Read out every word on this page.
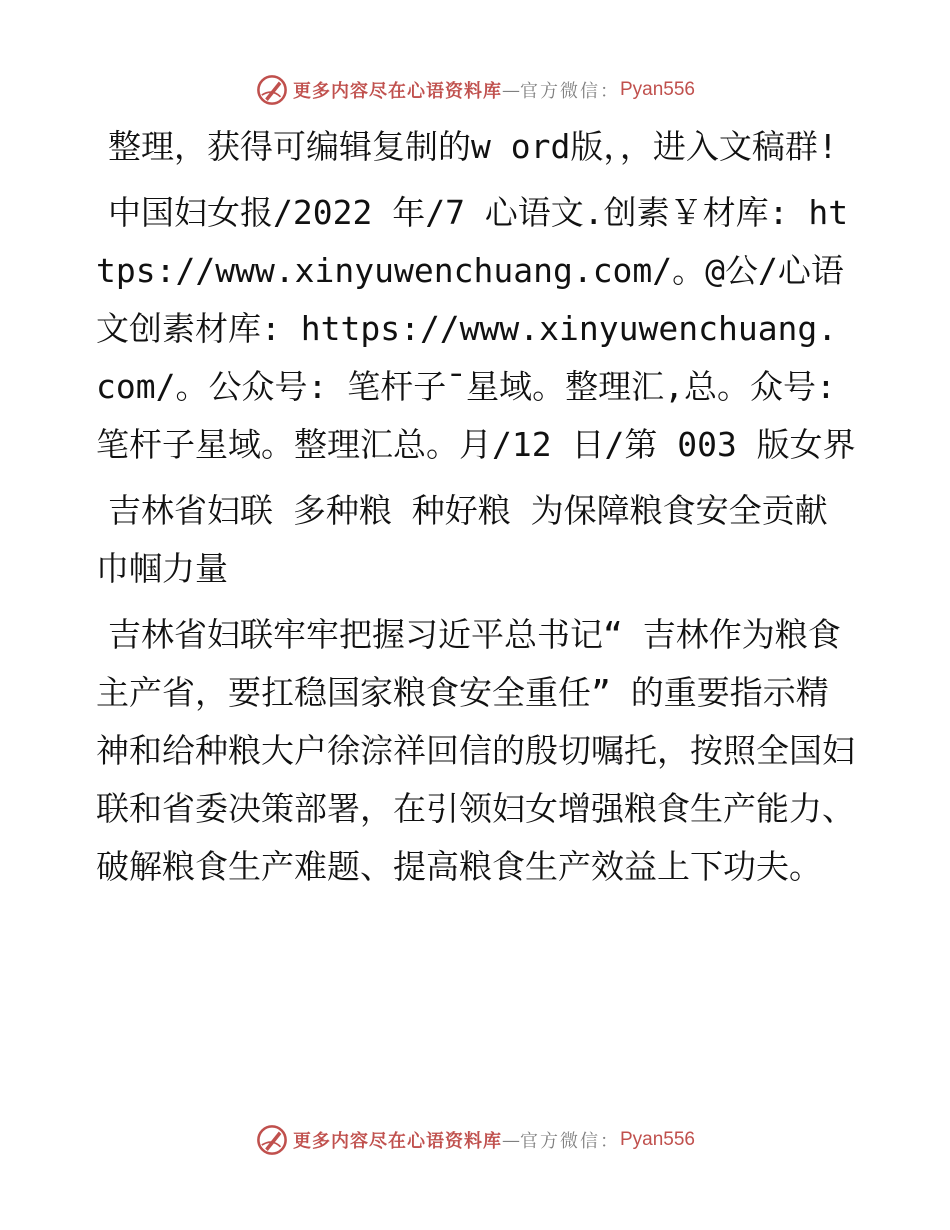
更多内容尽在心语资料库 — 官方微信： Pyan556

整理，获得可编辑复制的w ord版，，进入文稿群!

中国妇女报/2022 年/7 心语文.创素￥材库: https://www.xinyuwenchuang.com/。@公/心语文创素材库: https://www.xinyuwenchuang.com/。公众号: 笔杆子¯星域。整理汇,总。众号: 笔杆子星域。整理汇总。月/12 日/第 003 版女界

吉林省妇联 多种粮 种好粮 为保障粮食安全贡献巾帼力量

吉林省妇联牢牢把握习近平总书记“ 吉林作为粮食主产省，要扛稳国家粮食安全重任” 的重要指示精神和给种粮大户徐淙祥回信的殷切嘱托，按照全国妇联和省委决策部署，在引领妇女增强粮食生产能力、破解粮食生产难题、提高粮食生产效益上下功夫。

更多内容尽在心语资料库 — 官方微信： Pyan556
